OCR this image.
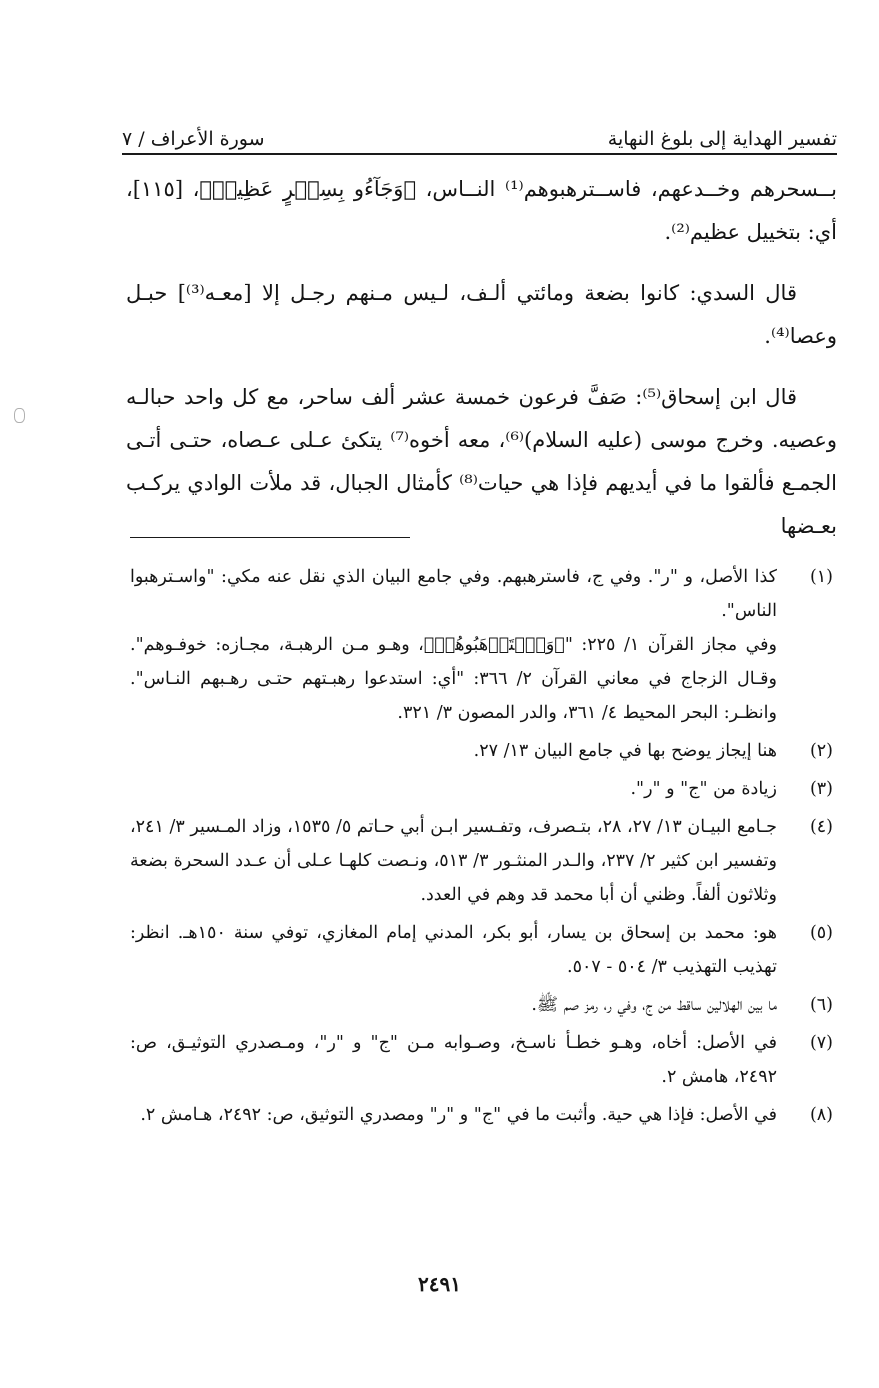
تفسير الهداية إلى بلوغ النهاية
سورة الأعراف / ٧

بــسحرهم وخــدعهم، فاســترهبوهم⁽¹⁾ النــاس، ﴿وَجَآءُو بِسِحۡرٍ عَظِيمٖ﴾، [١١٥]، أي: بتخييل عظيم⁽²⁾.

قال السدي: كانوا بضعة ومائتي ألـف، لـيس مـنهم رجـل إلا [معـه⁽³⁾] حبـل وعصا⁽⁴⁾.

قال ابن إسحاق⁽⁵⁾: صَفَّ فرعون خمسة عشر ألف ساحر، مع كل واحد حبالـه وعصيه. وخرج موسى (عليه السلام)⁽⁶⁾، معه أخوه⁽⁷⁾ يتكئ عـلى عـصاه، حتـى أتـى الجمـع فألقوا ما في أيديهم فإذا هي حيات⁽⁸⁾ كأمثال الجبال، قد ملأت الوادي يركـب بعـضها

(١)

كذا الأصل، و "ر". وفي ج، فاسترهبهم. وفي جامع البيان الذي نقل عنه مكي: "واسـترهبوا الناس".

وفي مجاز القرآن ١/ ٢٢٥: "﴿وَٱسۡتَرۡهَبُوهُمۡ﴾، وهـو مـن الرهبـة، مجـازه: خوفـوهم". وقـال الزجاج في معاني القرآن ٢/ ٣٦٦: "أي: استدعوا رهبـتهم حتـى رهـبهم النـاس". وانظـر: البحر المحيط ٤/ ٣٦١، والدر المصون ٣/ ٣٢١.

(٢)

هنا إيجاز يوضح بها في جامع البيان ١٣/ ٢٧.

(٣)

زيادة من "ج" و "ر".

(٤)

جـامع البيـان ١٣/ ٢٧، ٢٨، بتـصرف، وتفـسير ابـن أبي حـاتم ٥/ ١٥٣٥، وزاد المـسير ٣/ ٢٤١، وتفسير ابن كثير ٢/ ٢٣٧، والـدر المنثـور ٣/ ٥١٣، ونـصت كلهـا عـلى أن عـدد السحرة بضعة وثلاثون ألفاً. وظني أن أبا محمد قد وهم في العدد.

(٥)

هو: محمد بن إسحاق بن يسار، أبو بكر، المدني إمام المغازي، توفي سنة ١٥٠هـ. انظر: تهذيب التهذيب ٣/ ٥٠٤ - ٥٠٧.

(٦)

ما بين الهلالين ساقط من ج، وفي ر، رمز صم ﷺ.

(٧)

في الأصل: أخاه، وهـو خطـأ ناسـخ، وصـوابه مـن "ج" و "ر"، ومـصدري التوثيـق، ص: ٢٤٩٢، هامش ٢.

(٨)

في الأصل: فإذا هي حية. وأثبت ما في "ج" و "ر" ومصدري التوثيق، ص: ٢٤٩٢، هـامش ٢.

٢٤٩١
